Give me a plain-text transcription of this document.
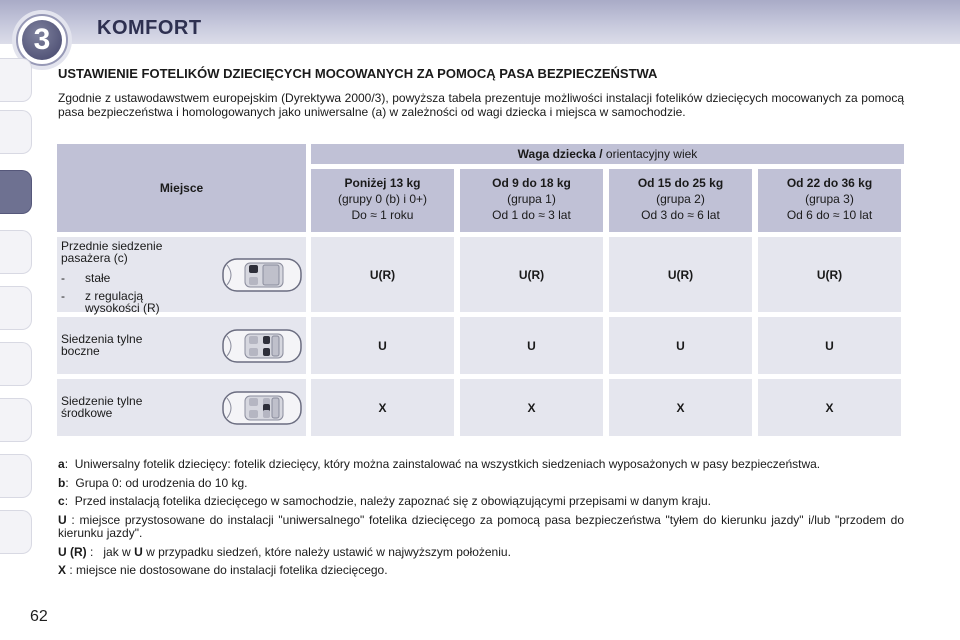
3	KOMFORT
USTAWIENIE FOTELIKÓW DZIECIĘCYCH MOCOWANYCH ZA POMOCĄ PASA BEZPIECZEŃSTWA
Zgodnie z ustawodawstwem europejskim (Dyrektywa 2000/3), powyższa tabela prezentuje możliwości instalacji fotelików dziecięcych mocowanych za pomocą pasa bezpieczeństwa i homologowanych jako uniwersalne (a) w zależności od wagi dziecka i miejsca w samochodzie.
Miejsce
Waga dziecka / orientacyjny wiek
Poniżej 13 kg
(grupy 0 (b) i 0+)
Do ≈ 1 roku
Od 9 do 18 kg
(grupa 1)
Od 1 do ≈ 3 lat
Od 15 do 25 kg
(grupa 2)
Od 3 do ≈ 6 lat
Od 22 do 36 kg
(grupa 3)
Od 6 do ≈ 10 lat
Przednie siedzenie
pasażera (c)
- stałe
- z regulacją
wysokości (R)
U(R)	U(R)	U(R)	U(R)
Siedzenia tylne
boczne	U	U	U	U
Siedzenie tylne
środkowe	X	X	X	X
a: Uniwersalny fotelik dziecięcy: fotelik dziecięcy, który można zainstalować na wszystkich siedzeniach wyposażonych w pasy bezpieczeństwa.
b: Grupa 0: od urodzenia do 10 kg.
c: Przed instalacją fotelika dziecięcego w samochodzie, należy zapoznać się z obowiązującymi przepisami w danym kraju.
U : miejsce przystosowane do instalacji "uniwersalnego" fotelika dziecięcego za pomocą pasa bezpieczeństwa "tyłem do kierunku jazdy" i/lub "przodem do kierunku jazdy".
U (R) : jak w U w przypadku siedzeń, które należy ustawić w najwyższym położeniu.
X : miejsce nie dostosowane do instalacji fotelika dziecięcego.
62
